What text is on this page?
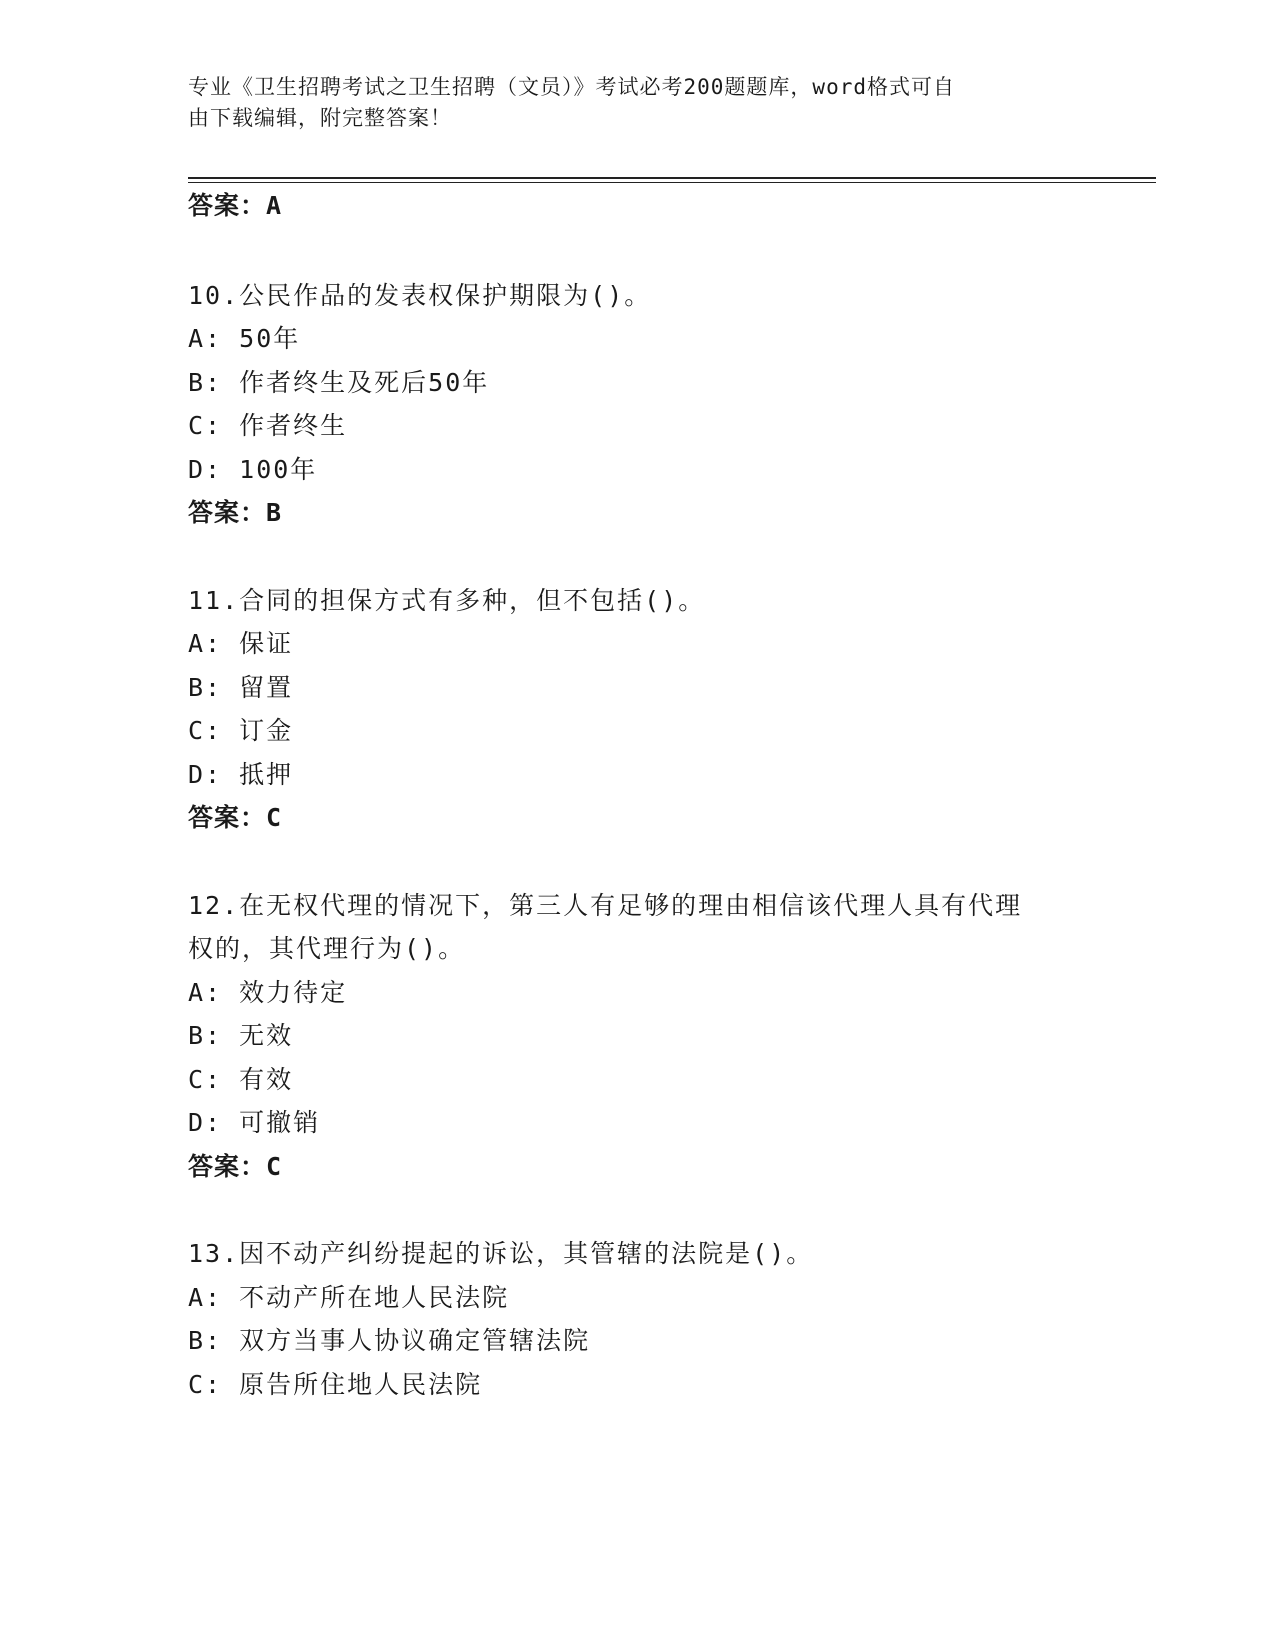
专业《卫生招聘考试之卫生招聘（文员）》考试必考200题题库，word格式可自
由下载编辑，附完整答案！
答案：A
10.公民作品的发表权保护期限为()。
A: 50年
B: 作者终生及死后50年
C: 作者终生
D: 100年
答案：B
11.合同的担保方式有多种，但不包括()。
A: 保证
B: 留置
C: 订金
D: 抵押
答案：C
12.在无权代理的情况下，第三人有足够的理由相信该代理人具有代理
权的，其代理行为()。
A: 效力待定
B: 无效
C: 有效
D: 可撤销
答案：C
13.因不动产纠纷提起的诉讼，其管辖的法院是()。
A: 不动产所在地人民法院
B: 双方当事人协议确定管辖法院
C: 原告所住地人民法院
